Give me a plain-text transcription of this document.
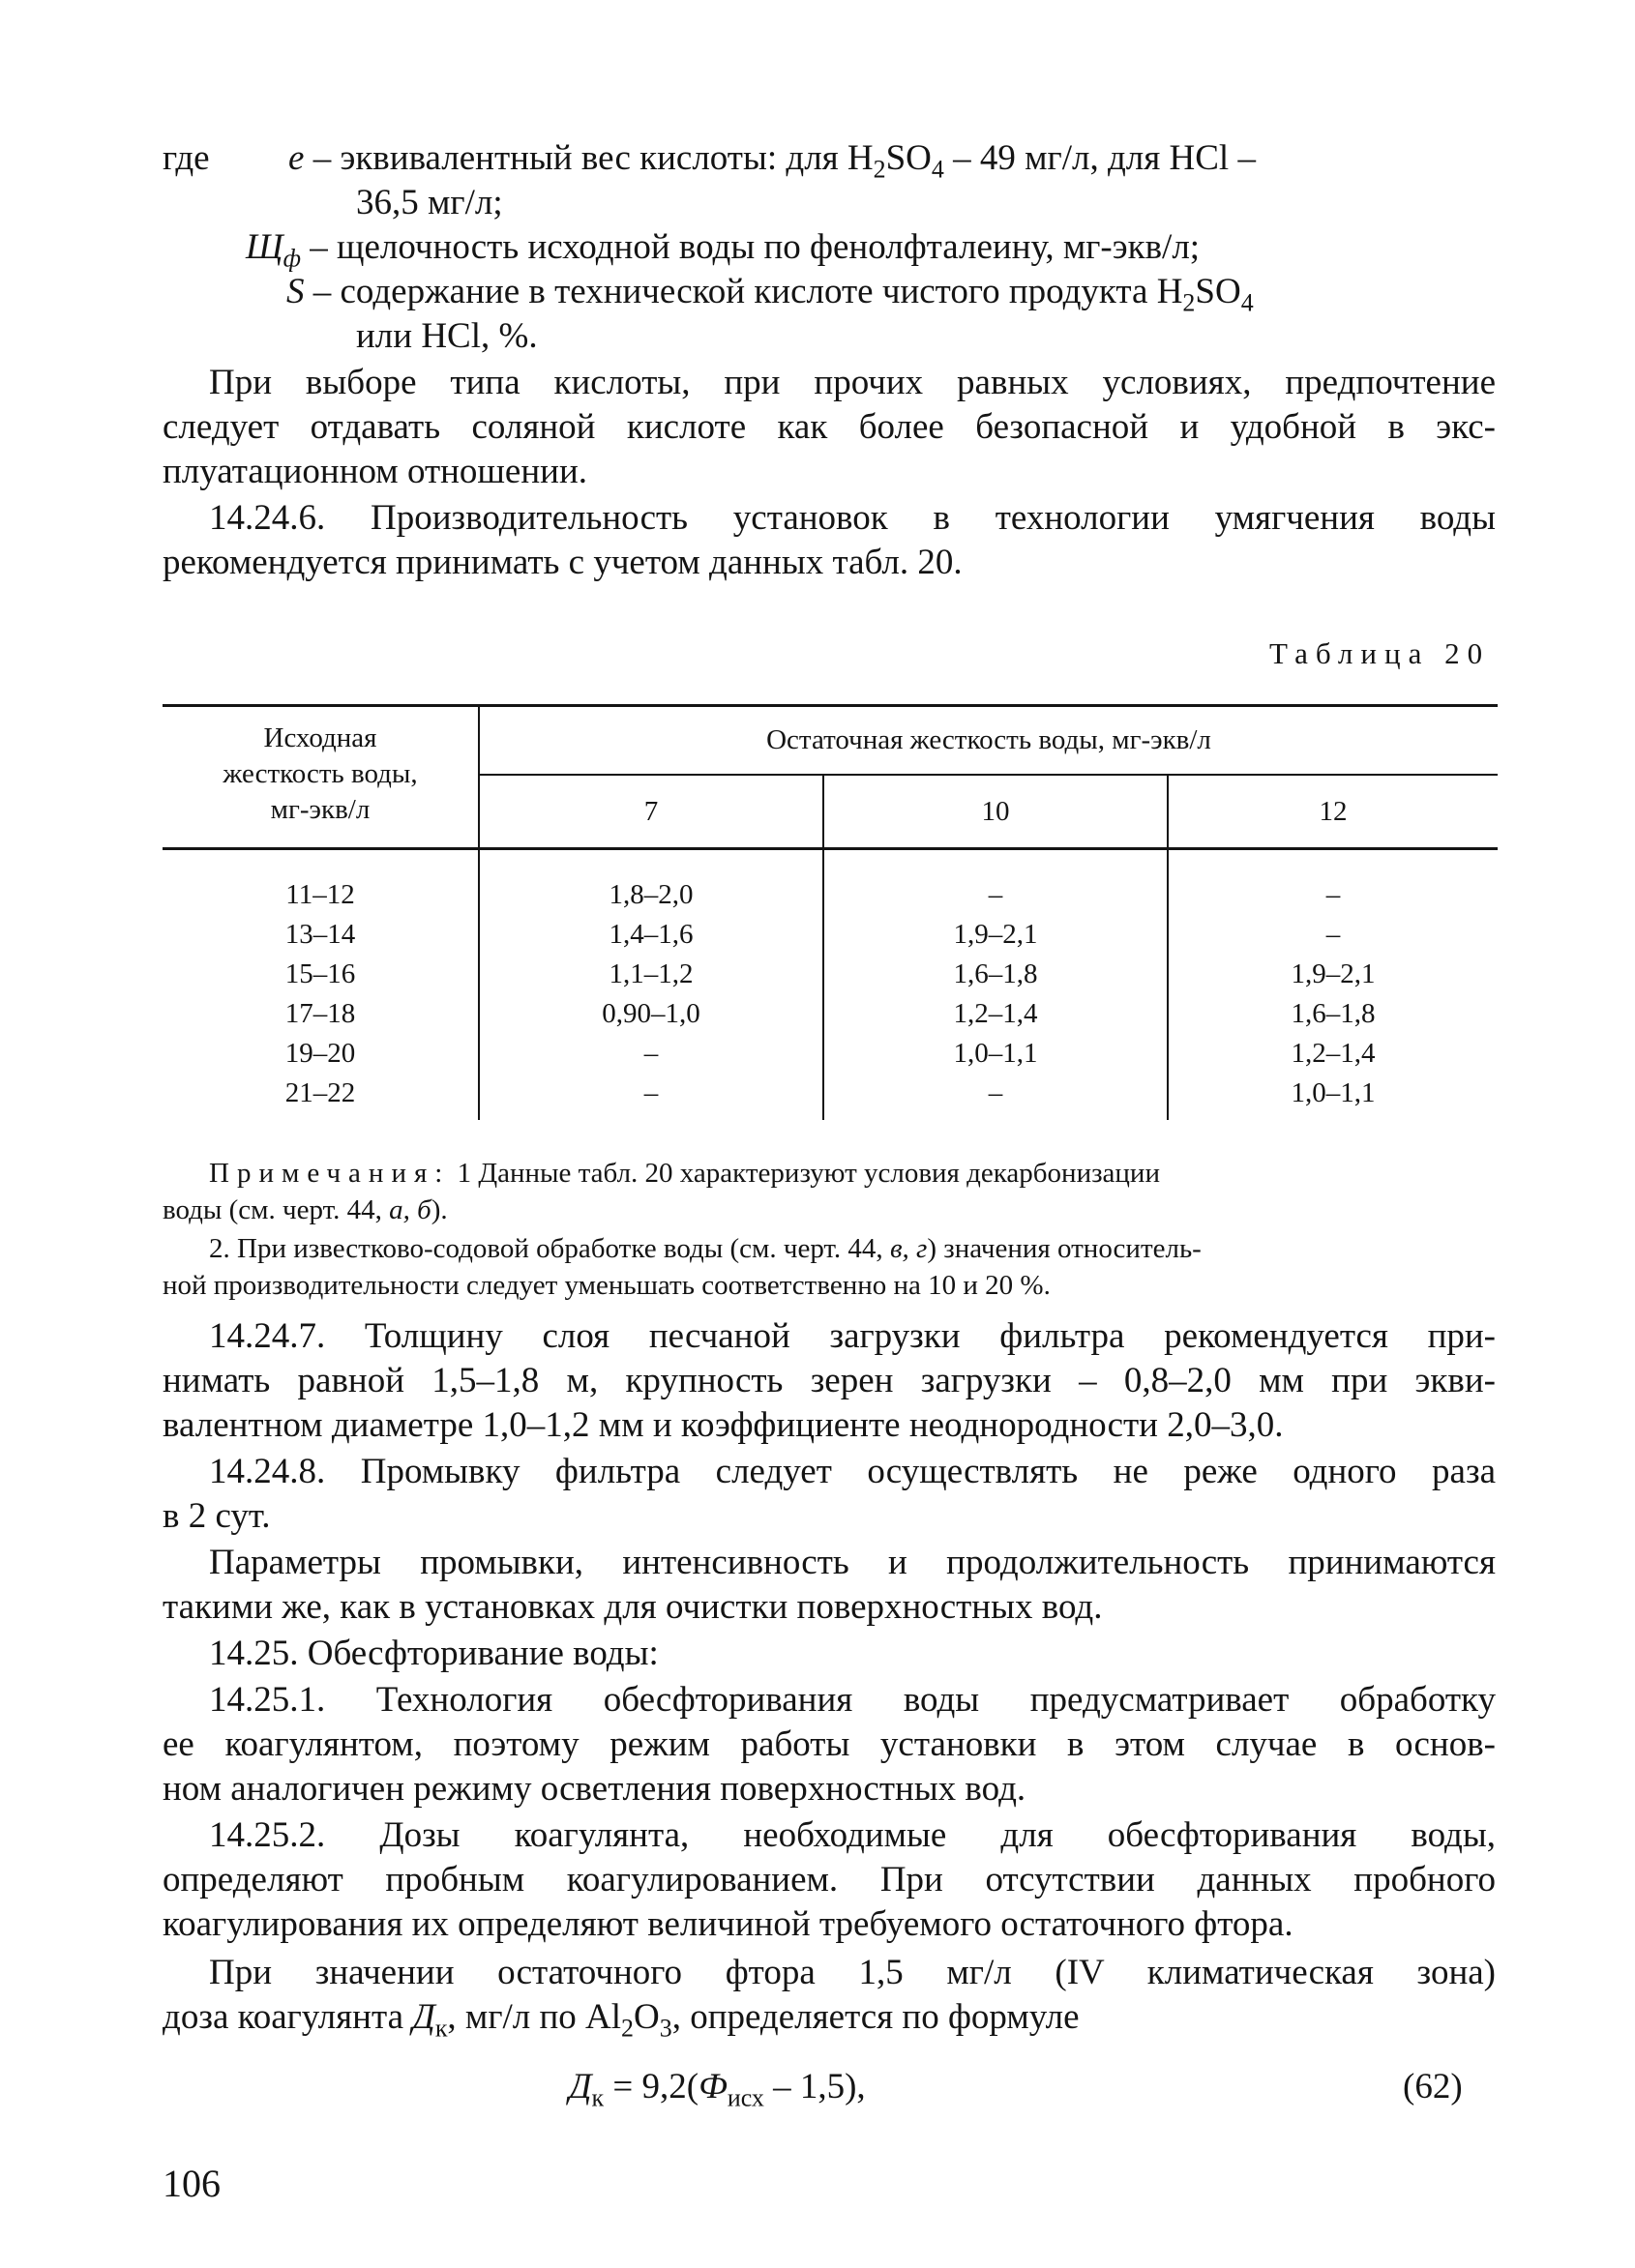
где e – эквивалентный вес кислоты: для $H_2SO_4 - 49$ мг/л, для HCl –
36,5 мг/л;
$Щ_ф$ – щелочность исходной воды по фенолфталеину, мг-экв/л;
S – содержание в технической кислоте чистого продукта $H_2SO_4$
или HCl, %.
При выборе типа кислоты, при прочих равных условиях, предпочтение
следует отдавать соляной кислоте как более безопасной и удобной в экс-
плуатационном отношении.
14.24.6. Производительность установок в технологии умягчения воды
рекомендуется принимать с учетом данных табл. 20.
Таблица 20
Исходная
жесткость воды,
мг-экв/л
Остаточная жесткость воды, мг-экв/л
7	10	12
11–12	1,8–2,0	–	–
13–14	1,4–1,6	1,9–2,1	–
15–16	1,1–1,2	1,6–1,8	1,9–2,1
17–18	0,90–1,0	1,2–1,4	1,6–1,8
19–20	–	1,0–1,1	1,2–1,4
21–22	–	–	1,0–1,1
Примечания: 1 Данные табл. 20 характеризуют условия декарбонизации
воды (см. черт. 44, а, б).
2. При известково-содовой обработке воды (см. черт. 44, в, г) значения относитель-
ной производительности следует уменьшать соответственно на 10 и 20 %.
14.24.7. Толщину слоя песчаной загрузки фильтра рекомендуется при-
нимать равной 1,5–1,8 м, крупность зерен загрузки – 0,8–2,0 мм при экви-
валентном диаметре 1,0–1,2 мм и коэффициенте неоднородности 2,0–3,0.
14.24.8. Промывку фильтра следует осуществлять не реже одного раза
в 2 сут.
Параметры промывки, интенсивность и продолжительность принимаются
такими же, как в установках для очистки поверхностных вод.
14.25. Обесфторивание воды:
14.25.1. Технология обесфторивания воды предусматривает обработку
ее коагулянтом, поэтому режим работы установки в этом случае в основ-
ном аналогичен режиму осветления поверхностных вод.
14.25.2. Дозы коагулянта, необходимые для обесфторивания воды,
определяют пробным коагулированием. При отсутствии данных пробного
коагулирования их определяют величиной требуемого остаточного фтора.
При значении остаточного фтора 1,5 мг/л (IV климатическая зона)
доза коагулянта $Д_к$, мг/л по $Al_2O_3$, определяется по формуле
$Д_к = 9,2(Ф_{исх} - 1,5)$,	(62)
106
